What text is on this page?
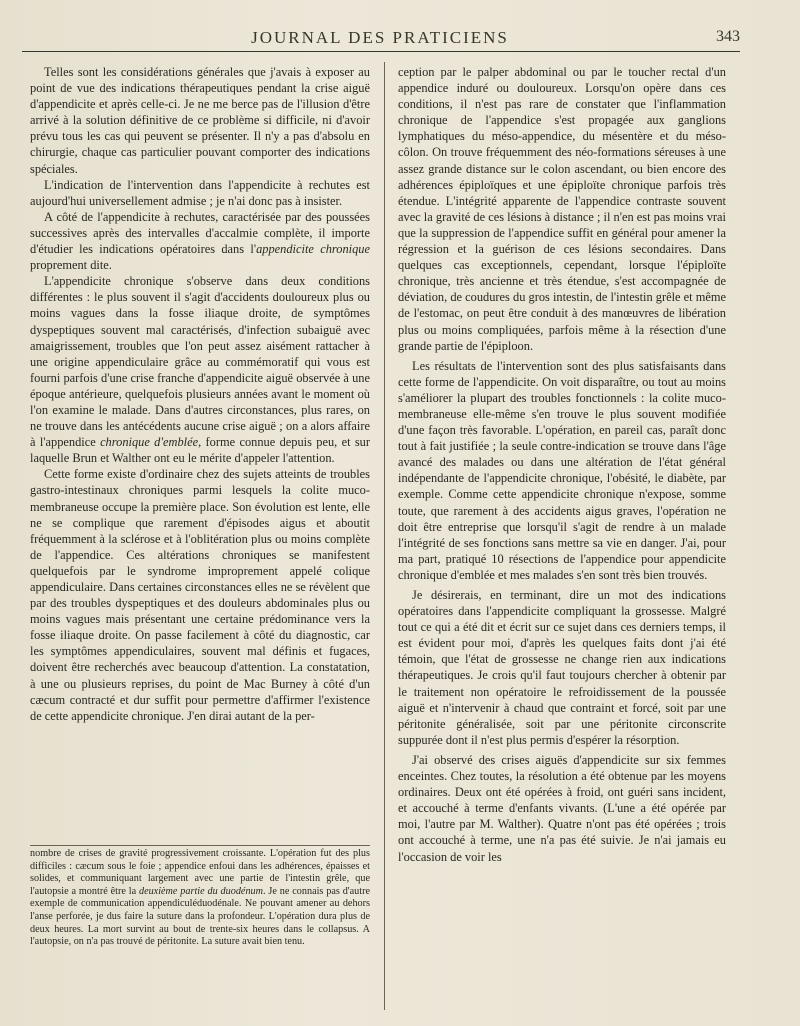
JOURNAL DES PRATICIENS	343

Telles sont les considérations générales que j'avais à exposer au point de vue des indications thérapeutiques pendant la crise aiguë d'appendicite et après celle-ci. Je ne me berce pas de l'illusion d'être arrivé à la solution définitive de ce problème si difficile, ni d'avoir prévu tous les cas qui peuvent se présenter. Il n'y a pas d'absolu en chirurgie, chaque cas particulier pouvant comporter des indications spéciales.

L'indication de l'intervention dans l'appendicite à rechutes est aujourd'hui universellement admise ; je n'ai donc pas à insister.

A côté de l'appendicite à rechutes, caractérisée par des poussées successives après des intervalles d'accalmie complète, il importe d'étudier les indications opératoires dans l'appendicite chronique proprement dite.

L'appendicite chronique s'observe dans deux conditions différentes : le plus souvent il s'agit d'accidents douloureux plus ou moins vagues dans la fosse iliaque droite, de symptômes dyspeptiques souvent mal caractérisés, d'infection subaiguë avec amaigrissement, troubles que l'on peut assez aisément rattacher à une origine appendiculaire grâce au commémoratif qui vous est fourni parfois d'une crise franche d'appendicite aiguë observée à une époque antérieure, quelquefois plusieurs années avant le moment où l'on examine le malade. Dans d'autres circonstances, plus rares, on ne trouve dans les antécédents aucune crise aiguë ; on a alors affaire à l'appendice chronique d'emblée, forme connue depuis peu, et sur laquelle Brun et Walther ont eu le mérite d'appeler l'attention.

Cette forme existe d'ordinaire chez des sujets atteints de troubles gastro-intestinaux chroniques parmi lesquels la colite muco-membraneuse occupe la première place. Son évolution est lente, elle ne se complique que rarement d'épisodes aigus et aboutit fréquemment à la sclérose et à l'oblitération plus ou moins complète de l'appendice. Ces altérations chroniques se manifestent quelquefois par le syndrome improprement appelé colique appendiculaire. Dans certaines circonstances elles ne se révèlent que par des troubles dyspeptiques et des douleurs abdominales plus ou moins vagues mais présentant une certaine prédominance vers la fosse iliaque droite. On passe facilement à côté du diagnostic, car les symptômes appendiculaires, souvent mal définis et fugaces, doivent être recherchés avec beaucoup d'attention. La constatation, à une ou plusieurs reprises, du point de Mac Burney à côté d'un cæcum contracté et dur suffit pour permettre d'affirmer l'existence de cette appendicite chronique. J'en dirai autant de la per-

nombre de crises de gravité progressivement croissante. L'opération fut des plus difficiles : cæcum sous le foie ; appendice enfoui dans les adhérences, épaisses et solides, et communiquant largement avec une partie de l'intestin grêle, que l'autopsie a montré être la deuxième partie du duodénum. Je ne connais pas d'autre exemple de communication appendiculéduodénale. Ne pouvant amener au dehors l'anse perforée, je dus faire la suture dans la profondeur. L'opération dura plus de deux heures. La mort survint au bout de trente-six heures dans le collapsus. A l'autopsie, on n'a pas trouvé de péritonite. La suture avait bien tenu.

ception par le palper abdominal ou par le toucher rectal d'un appendice induré ou douloureux. Lorsqu'on opère dans ces conditions, il n'est pas rare de constater que l'inflammation chronique de l'appendice s'est propagée aux ganglions lymphatiques du méso-appendice, du mésentère et du méso-côlon. On trouve fréquemment des néo-formations séreuses à une assez grande distance sur le colon ascendant, ou bien encore des adhérences épiploïques et une épiploïte chronique parfois très étendue. L'intégrité apparente de l'appendice contraste souvent avec la gravité de ces lésions à distance ; il n'en est pas moins vrai que la suppression de l'appendice suffit en général pour amener la régression et la guérison de ces lésions secondaires. Dans quelques cas exceptionnels, cependant, lorsque l'épiploïte chronique, très ancienne et très étendue, s'est accompagnée de déviation, de coudures du gros intestin, de l'intestin grêle et même de l'estomac, on peut être conduit à des manœuvres de libération plus ou moins compliquées, parfois même à la résection d'une grande partie de l'épiploon.

Les résultats de l'intervention sont des plus satisfaisants dans cette forme de l'appendicite. On voit disparaître, ou tout au moins s'améliorer la plupart des troubles fonctionnels : la colite muco-membraneuse elle-même s'en trouve le plus souvent modifiée d'une façon très favorable. L'opération, en pareil cas, paraît donc tout à fait justifiée ; la seule contre-indication se trouve dans l'âge avancé des malades ou dans une altération de l'état général indépendante de l'appendicite chronique, l'obésité, le diabète, par exemple. Comme cette appendicite chronique n'expose, somme toute, que rarement à des accidents aigus graves, l'opération ne doit être entreprise que lorsqu'il s'agit de rendre à un malade l'intégrité de ses fonctions sans mettre sa vie en danger. J'ai, pour ma part, pratiqué 10 résections de l'appendice pour appendicite chronique d'emblée et mes malades s'en sont très bien trouvés.

Je désirerais, en terminant, dire un mot des indications opératoires dans l'appendicite compliquant la grossesse. Malgré tout ce qui a été dit et écrit sur ce sujet dans ces derniers temps, il est évident pour moi, d'après les quelques faits dont j'ai été témoin, que l'état de grossesse ne change rien aux indications thérapeutiques. Je crois qu'il faut toujours chercher à obtenir par le traitement non opératoire le refroidissement de la poussée aiguë et n'intervenir à chaud que contraint et forcé, soit par une péritonite généralisée, soit par une péritonite circonscrite suppurée dont il n'est plus permis d'espérer la résorption.

J'ai observé des crises aiguës d'appendicite sur six femmes enceintes. Chez toutes, la résolution a été obtenue par les moyens ordinaires. Deux ont été opérées à froid, ont guéri sans incident, et accouché à terme d'enfants vivants. (L'une a été opérée par moi, l'autre par M. Walther). Quatre n'ont pas été opérées ; trois ont accouché à terme, une n'a pas été suivie. Je n'ai jamais eu l'occasion de voir les
